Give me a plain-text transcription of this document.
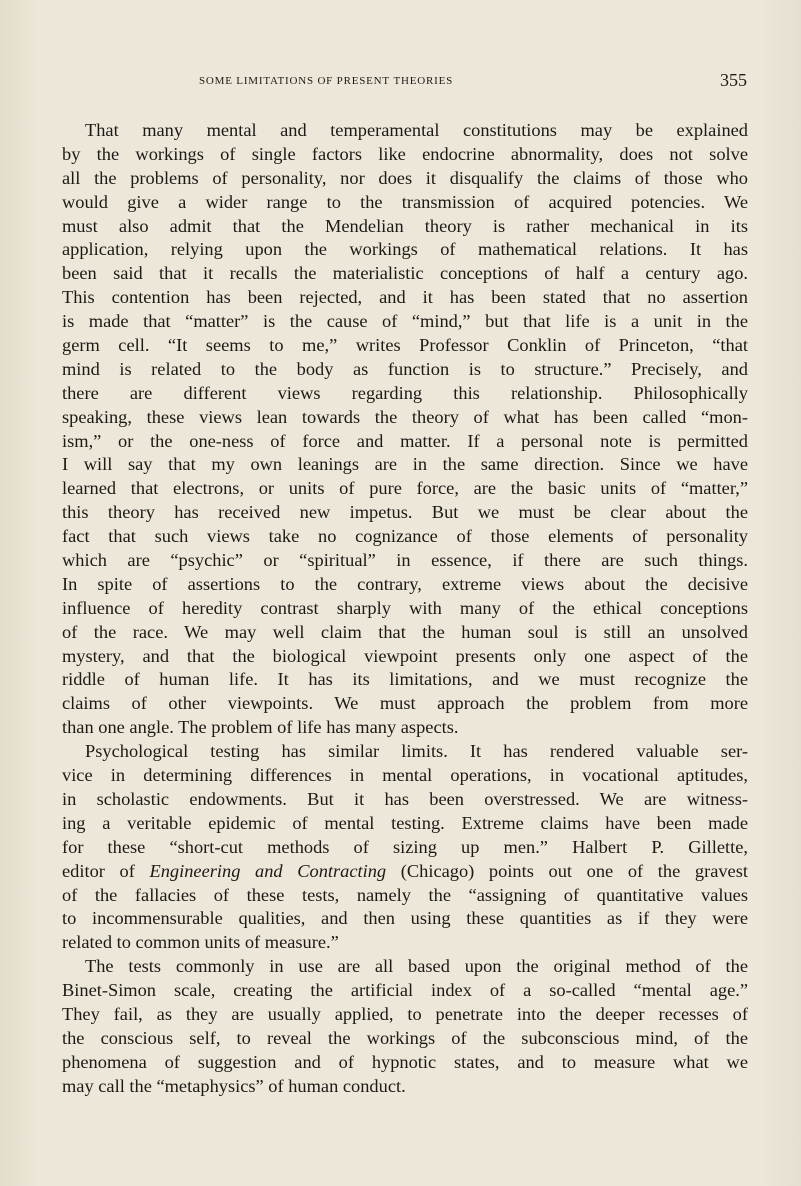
some limitations of present theories	355
That many mental and temperamental constitutions may be explained
by the workings of single factors like endocrine abnormality, does not solve
all the problems of personality, nor does it disqualify the claims of those who
would give a wider range to the transmission of acquired potencies. We
must also admit that the Mendelian theory is rather mechanical in its
application, relying upon the workings of mathematical relations. It has
been said that it recalls the materialistic conceptions of half a century ago.
This contention has been rejected, and it has been stated that no assertion
is made that “matter” is the cause of “mind,” but that life is a unit in the
germ cell. “It seems to me,” writes Professor Conklin of Princeton, “that
mind is related to the body as function is to structure.” Precisely, and
there are different views regarding this relationship. Philosophically
speaking, these views lean towards the theory of what has been called “mon-
ism,” or the one-ness of force and matter. If a personal note is permitted
I will say that my own leanings are in the same direction. Since we have
learned that electrons, or units of pure force, are the basic units of “matter,”
this theory has received new impetus. But we must be clear about the
fact that such views take no cognizance of those elements of personality
which are “psychic” or “spiritual” in essence, if there are such things.
In spite of assertions to the contrary, extreme views about the decisive
influence of heredity contrast sharply with many of the ethical conceptions
of the race. We may well claim that the human soul is still an unsolved
mystery, and that the biological viewpoint presents only one aspect of the
riddle of human life. It has its limitations, and we must recognize the
claims of other viewpoints. We must approach the problem from more
than one angle. The problem of life has many aspects.
Psychological testing has similar limits. It has rendered valuable ser-
vice in determining differences in mental operations, in vocational aptitudes,
in scholastic endowments. But it has been overstressed. We are witness-
ing a veritable epidemic of mental testing. Extreme claims have been made
for these “short-cut methods of sizing up men.” Halbert P. Gillette,
editor of Engineering and Contracting (Chicago) points out one of the gravest
of the fallacies of these tests, namely the “assigning of quantitative values
to incommensurable qualities, and then using these quantities as if they were
related to common units of measure.”
The tests commonly in use are all based upon the original method of the
Binet-Simon scale, creating the artificial index of a so-called “mental age.”
They fail, as they are usually applied, to penetrate into the deeper recesses of
the conscious self, to reveal the workings of the subconscious mind, of the
phenomena of suggestion and of hypnotic states, and to measure what we
may call the “metaphysics” of human conduct.
